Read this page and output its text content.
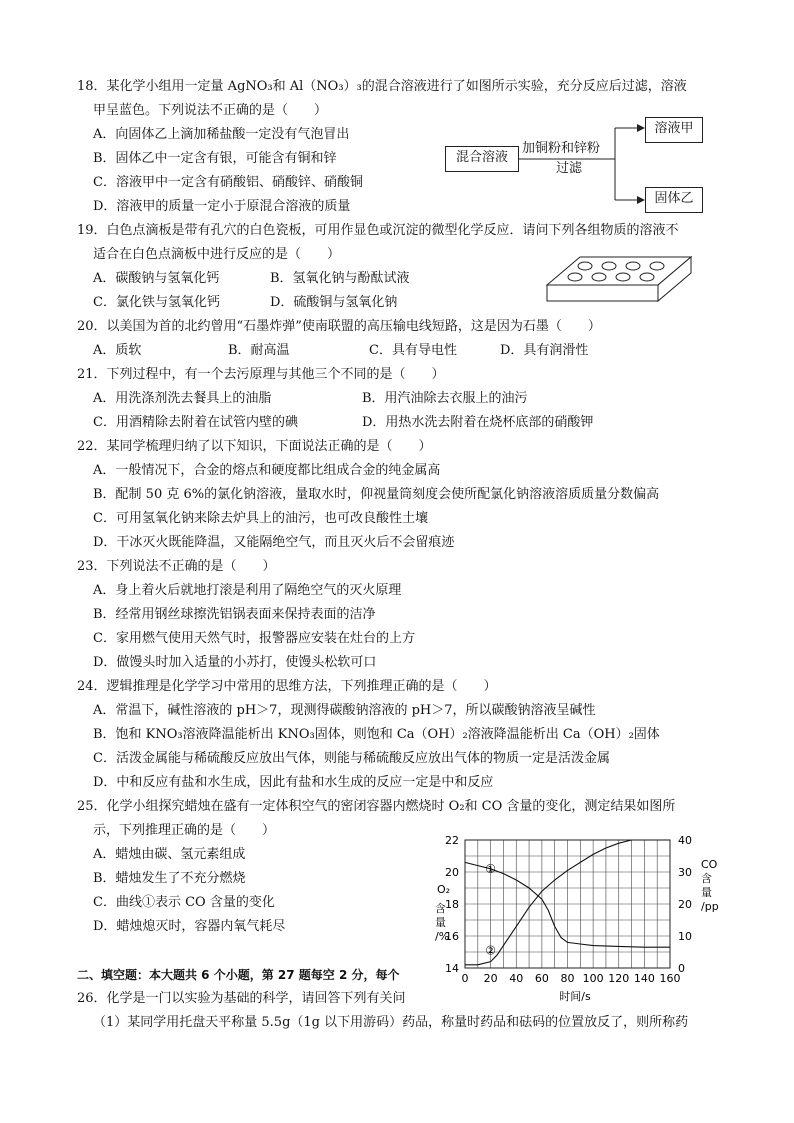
18．某化学小组用一定量 AgNO₃和 Al（NO₃）₃的混合溶液进行了如图所示实验，充分反应后过滤，溶液
甲呈蓝色。下列说法不正确的是（　　）
A．向固体乙上滴加稀盐酸一定没有气泡冒出
B．固体乙中一定含有银，可能含有铜和锌
C．溶液甲中一定含有硝酸铝、硝酸锌、硝酸铜
D．溶液甲的质量一定小于原混合溶液的质量
混合溶液
加铜粉和锌粉
过滤
溶液甲
固体乙
19．白色点滴板是带有孔穴的白色瓷板，可用作显色或沉淀的微型化学反应．请问下列各组物质的溶液不
适合在白色点滴板中进行反应的是（　　）
A．碳酸钠与氢氧化钙	B．氢氧化钠与酚酞试液
C．氯化铁与氢氧化钙	D．硫酸铜与氢氧化钠
20．以美国为首的北约曾用“石墨炸弹”使南联盟的高压输电线短路，这是因为石墨（　　）
A．质软	B．耐高温	C．具有导电性	D．具有润滑性
21．下列过程中，有一个去污原理与其他三个不同的是（　　）
A．用洗涤剂洗去餐具上的油脂	B．用汽油除去衣服上的油污
C．用酒精除去附着在试管内壁的碘	D．用热水洗去附着在烧杯底部的硝酸钾
22．某同学梳理归纳了以下知识，下面说法正确的是（　　）
A．一般情况下，合金的熔点和硬度都比组成合金的纯金属高
B．配制 50 克 6%的氯化钠溶液，量取水时，仰视量筒刻度会使所配氯化钠溶液溶质质量分数偏高
C．可用氢氧化钠来除去炉具上的油污，也可改良酸性土壤
D．干冰灭火既能降温，又能隔绝空气，而且灭火后不会留痕迹
23．下列说法不正确的是（　　）
A．身上着火后就地打滚是利用了隔绝空气的灭火原理
B．经常用钢丝球擦洗铝锅表面来保持表面的洁净
C．家用燃气使用天然气时，报警器应安装在灶台的上方
D．做馒头时加入适量的小苏打，使馒头松软可口
24．逻辑推理是化学学习中常用的思维方法，下列推理正确的是（　　）
A．常温下，碱性溶液的 pH＞7，现测得碳酸钠溶液的 pH＞7，所以碳酸钠溶液呈碱性
B．饱和 KNO₃溶液降温能析出 KNO₃固体，则饱和 Ca（OH）₂溶液降温能析出 Ca（OH）₂固体
C．活泼金属能与稀硫酸反应放出气体，则能与稀硫酸反应放出气体的物质一定是活泼金属
D．中和反应有盐和水生成，因此有盐和水生成的反应一定是中和反应
25．化学小组探究蜡烛在盛有一定体积空气的密闭容器内燃烧时 O₂和 CO 含量的变化，测定结果如图所
示，下列推理正确的是（　　）
A．蜡烛由碳、氢元素组成
B．蜡烛发生了不充分燃烧
C．曲线①表示 CO 含量的变化
D．蜡烛熄灭时，容器内氧气耗尽
二、填空题：本大题共 6 个小题，第 27 题每空 2 分，每个
26．化学是一门以实验为基础的科学，请回答下列有关问
（1）某同学用托盘天平称量 5.5g（1g 以下用游码）药品，称量时药品和砝码的位置放反了，则所称药
14
16
18
20
22
0
10
20
30
40
0 20 40 60 80 100 120 140 160
①
②
O₂
时间/s
含
量
/%
CO
含
量
/pp
